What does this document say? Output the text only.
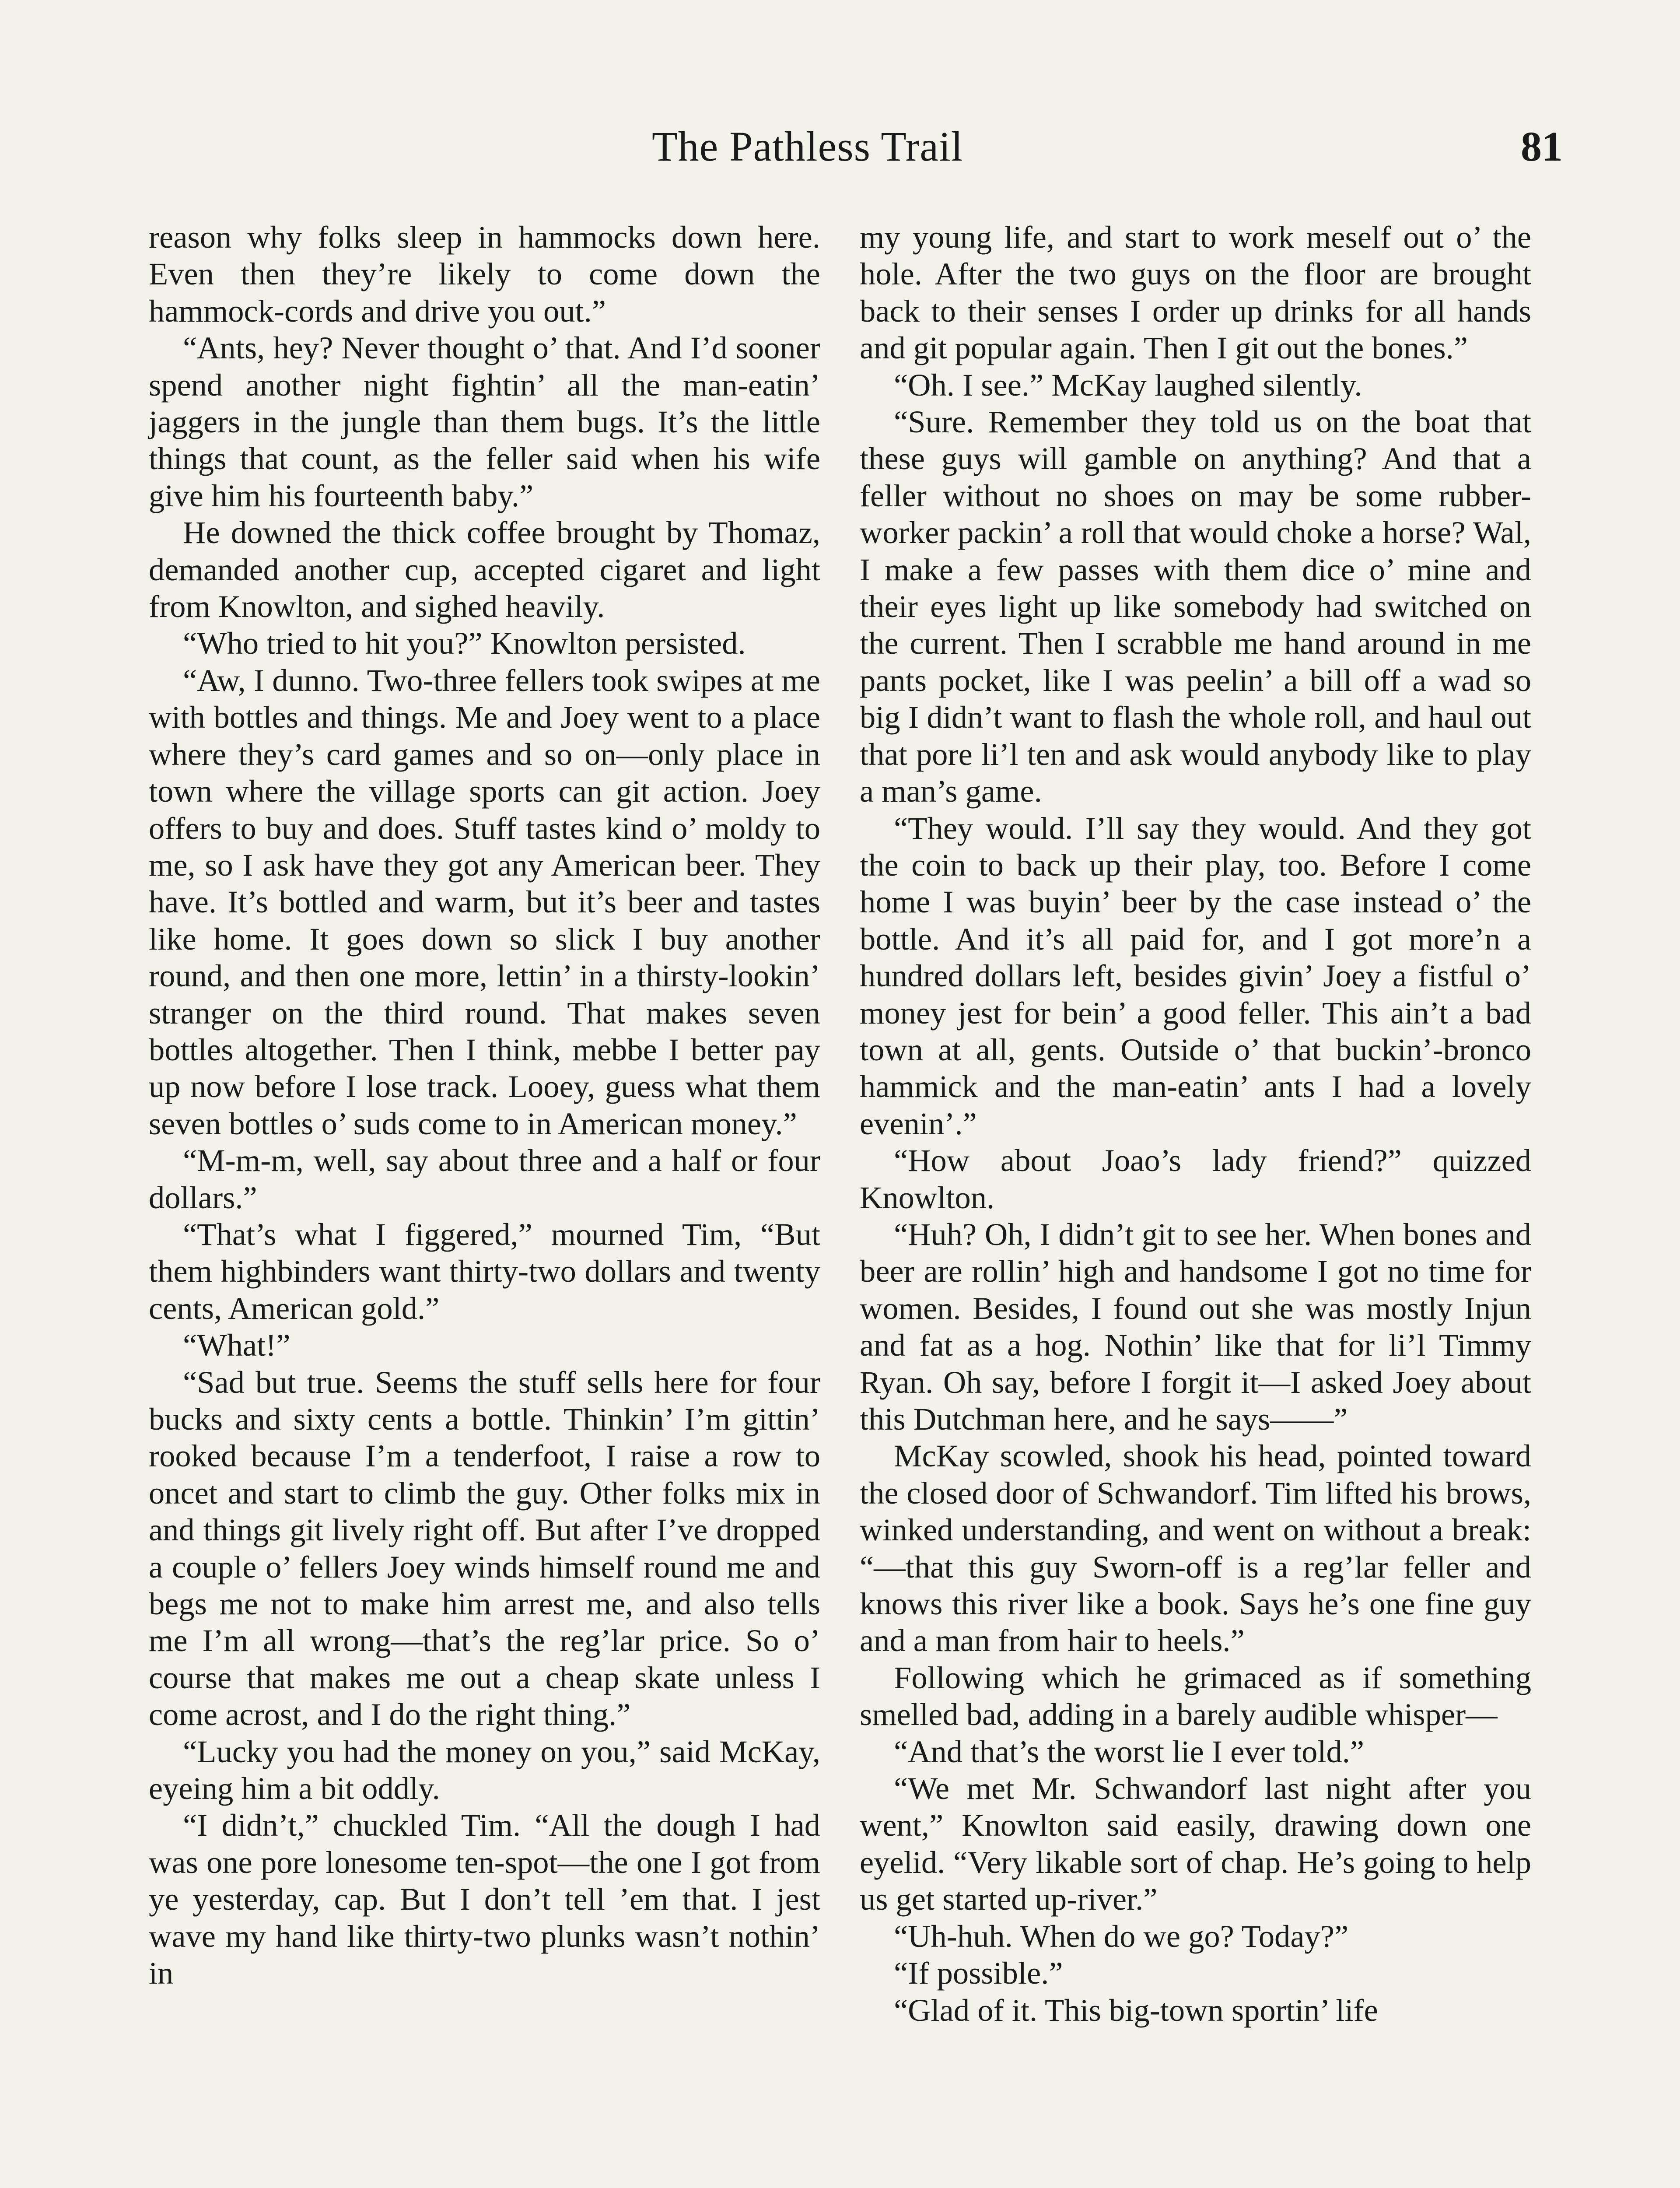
The Pathless Trail	81

reason why folks sleep in hammocks down here. Even then they’re likely to come down the hammock-cords and drive you out.”

“Ants, hey? Never thought o’ that. And I’d sooner spend another night fightin’ all the man-eatin’ jaggers in the jungle than them bugs. It’s the little things that count, as the feller said when his wife give him his fourteenth baby.”

He downed the thick coffee brought by Thomaz, demanded another cup, accepted cigaret and light from Knowlton, and sighed heavily.

“Who tried to hit you?” Knowlton persisted.

“Aw, I dunno. Two-three fellers took swipes at me with bottles and things. Me and Joey went to a place where they’s card games and so on—only place in town where the village sports can git action. Joey offers to buy and does. Stuff tastes kind o’ moldy to me, so I ask have they got any American beer. They have. It’s bottled and warm, but it’s beer and tastes like home. It goes down so slick I buy another round, and then one more, lettin’ in a thirsty-lookin’ stranger on the third round. That makes seven bottles altogether. Then I think, mebbe I better pay up now before I lose track. Looey, guess what them seven bottles o’ suds come to in American money.”

“M-m-m, well, say about three and a half or four dollars.”

“That’s what I figgered,” mourned Tim, “But them highbinders want thirty-two dollars and twenty cents, American gold.”

“What!”

“Sad but true. Seems the stuff sells here for four bucks and sixty cents a bottle. Thinkin’ I’m gittin’ rooked because I’m a tenderfoot, I raise a row to oncet and start to climb the guy. Other folks mix in and things git lively right off. But after I’ve dropped a couple o’ fellers Joey winds himself round me and begs me not to make him arrest me, and also tells me I’m all wrong—that’s the reg’lar price. So o’ course that makes me out a cheap skate unless I come acrost, and I do the right thing.”

“Lucky you had the money on you,” said McKay, eyeing him a bit oddly.

“I didn’t,” chuckled Tim. “All the dough I had was one pore lonesome ten-spot—the one I got from ye yesterday, cap. But I don’t tell ’em that. I jest wave my hand like thirty-two plunks wasn’t nothin’ in

my young life, and start to work meself out o’ the hole. After the two guys on the floor are brought back to their senses I order up drinks for all hands and git popular again. Then I git out the bones.”

“Oh. I see.” McKay laughed silently.

“Sure. Remember they told us on the boat that these guys will gamble on anything? And that a feller without no shoes on may be some rubber-worker packin’ a roll that would choke a horse? Wal, I make a few passes with them dice o’ mine and their eyes light up like somebody had switched on the current. Then I scrabble me hand around in me pants pocket, like I was peelin’ a bill off a wad so big I didn’t want to flash the whole roll, and haul out that pore li’l ten and ask would anybody like to play a man’s game.

“They would. I’ll say they would. And they got the coin to back up their play, too. Before I come home I was buyin’ beer by the case instead o’ the bottle. And it’s all paid for, and I got more’n a hundred dollars left, besides givin’ Joey a fistful o’ money jest for bein’ a good feller. This ain’t a bad town at all, gents. Outside o’ that buckin’-bronco hammick and the man-eatin’ ants I had a lovely evenin’.”

“How about Joao’s lady friend?” quizzed Knowlton.

“Huh? Oh, I didn’t git to see her. When bones and beer are rollin’ high and handsome I got no time for women. Besides, I found out she was mostly Injun and fat as a hog. Nothin’ like that for li’l Timmy Ryan. Oh say, before I forgit it—I asked Joey about this Dutchman here, and he says——”

McKay scowled, shook his head, pointed toward the closed door of Schwandorf. Tim lifted his brows, winked understanding, and went on without a break: “—that this guy Sworn-off is a reg’lar feller and knows this river like a book. Says he’s one fine guy and a man from hair to heels.”

Following which he grimaced as if something smelled bad, adding in a barely audible whisper—

“And that’s the worst lie I ever told.”

“We met Mr. Schwandorf last night after you went,” Knowlton said easily, drawing down one eyelid. “Very likable sort of chap. He’s going to help us get started up-river.”

“Uh-huh. When do we go? Today?”

“If possible.”

“Glad of it. This big-town sportin’ life
